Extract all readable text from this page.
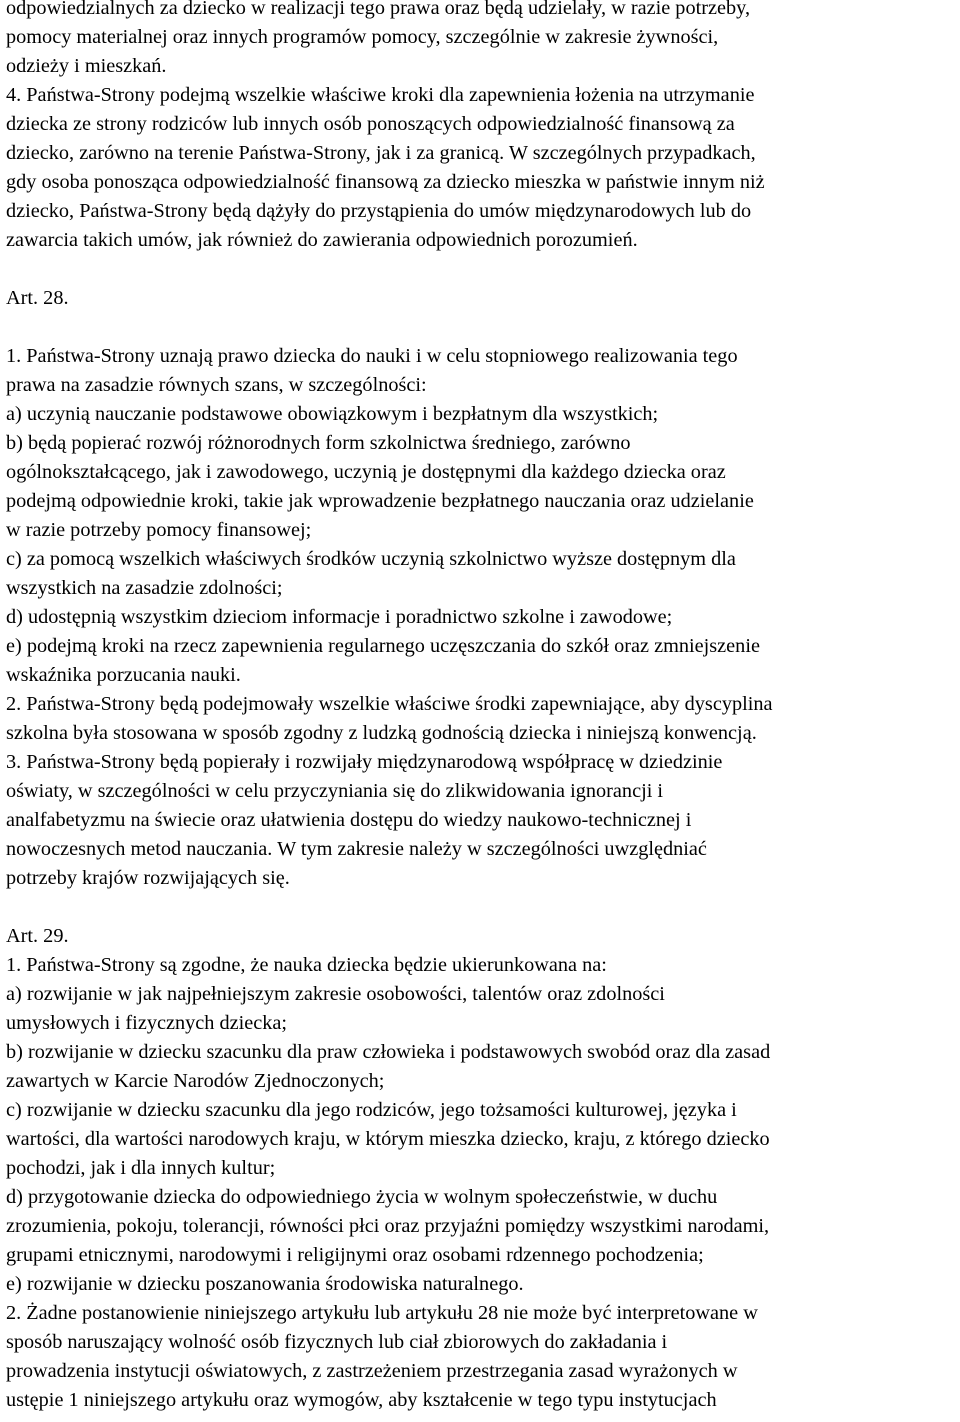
odpowiedzialnych za dziecko w realizacji tego prawa oraz będą udzielały, w razie potrzeby,
pomocy materialnej oraz innych programów pomocy, szczególnie w zakresie żywności,
odzieży i mieszkań.
4. Państwa-Strony podejmą wszelkie właściwe kroki dla zapewnienia łożenia na utrzymanie
dziecka ze strony rodziców lub innych osób ponoszących odpowiedzialność finansową za
dziecko, zarówno na terenie Państwa-Strony, jak i za granicą. W szczególnych przypadkach,
gdy osoba ponosząca odpowiedzialność finansową za dziecko mieszka w państwie innym niż
dziecko, Państwa-Strony będą dążyły do przystąpienia do umów międzynarodowych lub do
zawarcia takich umów, jak również do zawierania odpowiednich porozumień.
Art. 28.
1. Państwa-Strony uznają prawo dziecka do nauki i w celu stopniowego realizowania tego
prawa na zasadzie równych szans, w szczególności:
a) uczynią nauczanie podstawowe obowiązkowym i bezpłatnym dla wszystkich;
b) będą popierać rozwój różnorodnych form szkolnictwa średniego, zarówno
ogólnokształcącego, jak i zawodowego, uczynią je dostępnymi dla każdego dziecka oraz
podejmą odpowiednie kroki, takie jak wprowadzenie bezpłatnego nauczania oraz udzielanie
w razie potrzeby pomocy finansowej;
c) za pomocą wszelkich właściwych środków uczynią szkolnictwo wyższe dostępnym dla
wszystkich na zasadzie zdolności;
d) udostępnią wszystkim dzieciom informacje i poradnictwo szkolne i zawodowe;
e) podejmą kroki na rzecz zapewnienia regularnego uczęszczania do szkół oraz zmniejszenie
wskaźnika porzucania nauki.
2. Państwa-Strony będą podejmowały wszelkie właściwe środki zapewniające, aby dyscyplina
szkolna była stosowana w sposób zgodny z ludzką godnością dziecka i niniejszą konwencją.
3. Państwa-Strony będą popierały i rozwijały międzynarodową współpracę w dziedzinie
oświaty, w szczególności w celu przyczyniania się do zlikwidowania ignorancji i
analfabetyzmu na świecie oraz ułatwienia dostępu do wiedzy naukowo-technicznej i
nowoczesnych metod nauczania. W tym zakresie należy w szczególności uwzględniać
potrzeby krajów rozwijających się.
Art. 29.
1. Państwa-Strony są zgodne, że nauka dziecka będzie ukierunkowana na:
a) rozwijanie w jak najpełniejszym zakresie osobowości, talentów oraz zdolności
umysłowych i fizycznych dziecka;
b) rozwijanie w dziecku szacunku dla praw człowieka i podstawowych swobód oraz dla zasad
zawartych w Karcie Narodów Zjednoczonych;
c) rozwijanie w dziecku szacunku dla jego rodziców, jego tożsamości kulturowej, języka i
wartości, dla wartości narodowych kraju, w którym mieszka dziecko, kraju, z którego dziecko
pochodzi, jak i dla innych kultur;
d) przygotowanie dziecka do odpowiedniego życia w wolnym społeczeństwie, w duchu
zrozumienia, pokoju, tolerancji, równości płci oraz przyjaźni pomiędzy wszystkimi narodami,
grupami etnicznymi, narodowymi i religijnymi oraz osobami rdzennego pochodzenia;
e) rozwijanie w dziecku poszanowania środowiska naturalnego.
2. Żadne postanowienie niniejszego artykułu lub artykułu 28 nie może być interpretowane w
sposób naruszający wolność osób fizycznych lub ciał zbiorowych do zakładania i
prowadzenia instytucji oświatowych, z zastrzeżeniem przestrzegania zasad wyrażonych w
ustępie 1 niniejszego artykułu oraz wymogów, aby kształcenie w tego typu instytucjach
